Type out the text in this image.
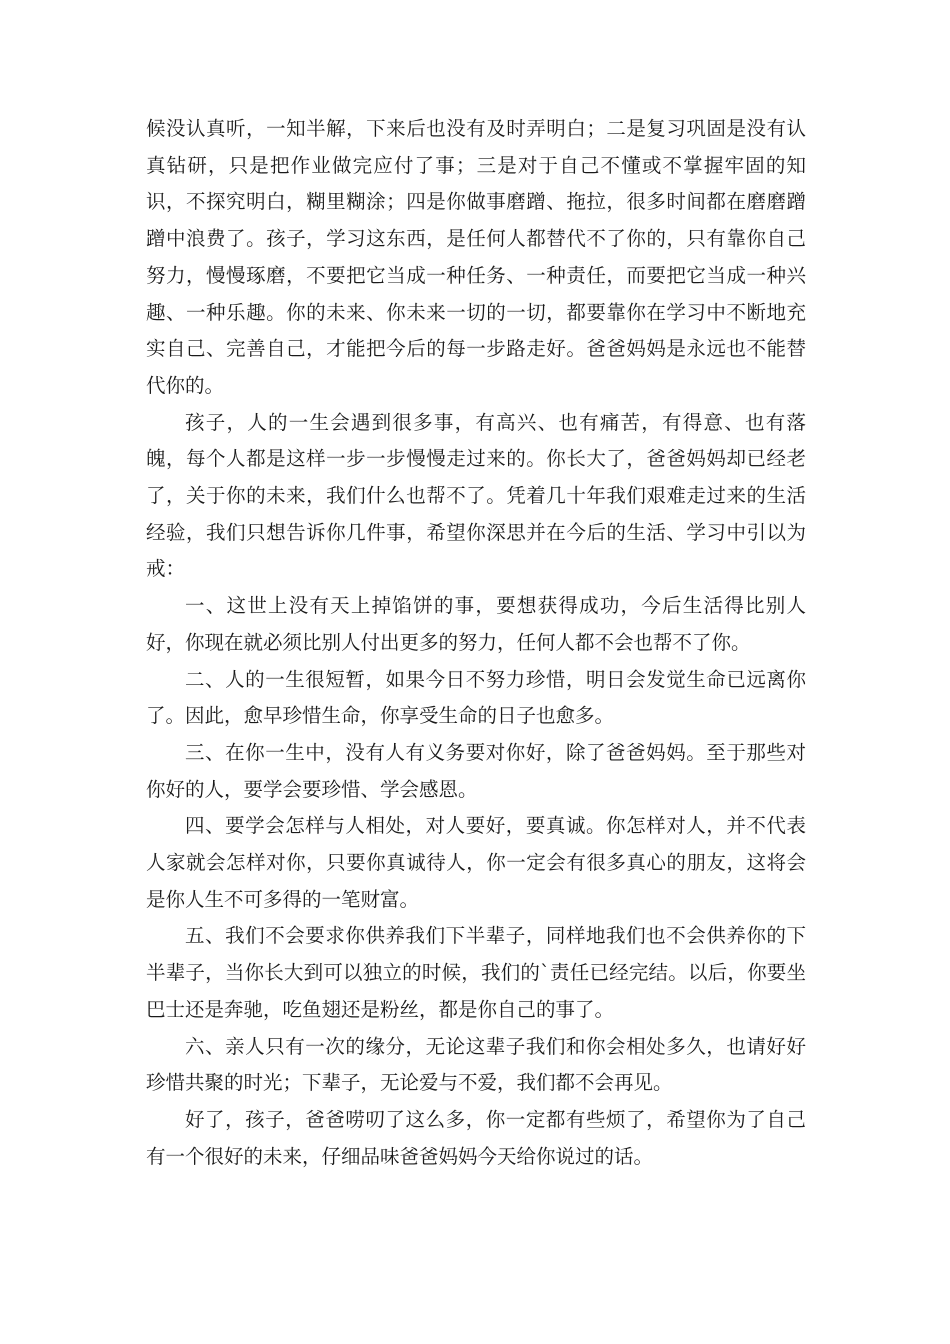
候没认真听，一知半解，下来后也没有及时弄明白；二是复习巩固是没有认真钻研，只是把作业做完应付了事；三是对于自己不懂或不掌握牢固的知识，不探究明白，糊里糊涂；四是你做事磨蹭、拖拉，很多时间都在磨磨蹭蹭中浪费了。孩子，学习这东西，是任何人都替代不了你的，只有靠你自己努力，慢慢琢磨，不要把它当成一种任务、一种责任，而要把它当成一种兴趣、一种乐趣。你的未来、你未来一切的一切，都要靠你在学习中不断地充实自己、完善自己，才能把今后的每一步路走好。爸爸妈妈是永远也不能替代你的。

孩子，人的一生会遇到很多事，有高兴、也有痛苦，有得意、也有落魄，每个人都是这样一步一步慢慢走过来的。你长大了，爸爸妈妈却已经老了，关于你的未来，我们什么也帮不了。凭着几十年我们艰难走过来的生活经验，我们只想告诉你几件事，希望你深思并在今后的生活、学习中引以为戒：

一、这世上没有天上掉馅饼的事，要想获得成功，今后生活得比别人好，你现在就必须比别人付出更多的努力，任何人都不会也帮不了你。

二、人的一生很短暂，如果今日不努力珍惜，明日会发觉生命已远离你了。因此，愈早珍惜生命，你享受生命的日子也愈多。

三、在你一生中，没有人有义务要对你好，除了爸爸妈妈。至于那些对你好的人，要学会要珍惜、学会感恩。

四、要学会怎样与人相处，对人要好，要真诚。你怎样对人，并不代表人家就会怎样对你，只要你真诚待人，你一定会有很多真心的朋友，这将会是你人生不可多得的一笔财富。

五、我们不会要求你供养我们下半辈子，同样地我们也不会供养你的下半辈子，当你长大到可以独立的时候，我们的`责任已经完结。以后，你要坐巴士还是奔驰，吃鱼翅还是粉丝，都是你自己的事了。

六、亲人只有一次的缘分，无论这辈子我们和你会相处多久，也请好好珍惜共聚的时光；下辈子，无论爱与不爱，我们都不会再见。

好了，孩子，爸爸唠叨了这么多，你一定都有些烦了，希望你为了自己有一个很好的未来，仔细品味爸爸妈妈今天给你说过的话。
